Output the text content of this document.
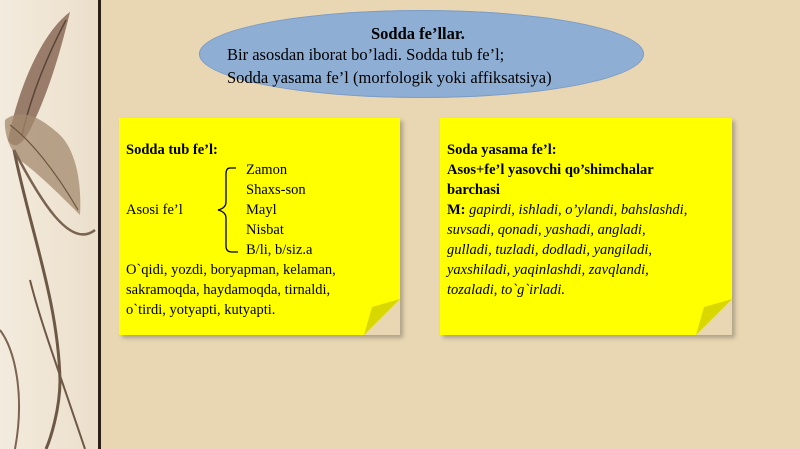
Sodda fe’llar.
Bir asosdan iborat bo’ladi. Sodda tub fe’l;
Sodda yasama fe’l (morfologik yoki affiksatsiya)
Sodda tub fe’l:
Asosi fe’l
Zamon
Shaxs-son
Mayl
Nisbat
B/li, b/siz.a
O`qidi, yozdi, boryapman, kelaman,
sakramoqda, haydamoqda, tirnaldi,
o`tirdi, yotyapti, kutyapti.
Soda yasama fe’l:
Asos+fe’l yasovchi qo’shimchalar
barchasi
M: gapirdi, ishladi, o’ylandi, bahslashdi,
suvsadi, qonadi, yashadi, angladi,
gulladi, tuzladi, dodladi, yangiladi,
yaxshiladi, yaqinlashdi, zavqlandi,
tozaladi, to`g`irladi.
